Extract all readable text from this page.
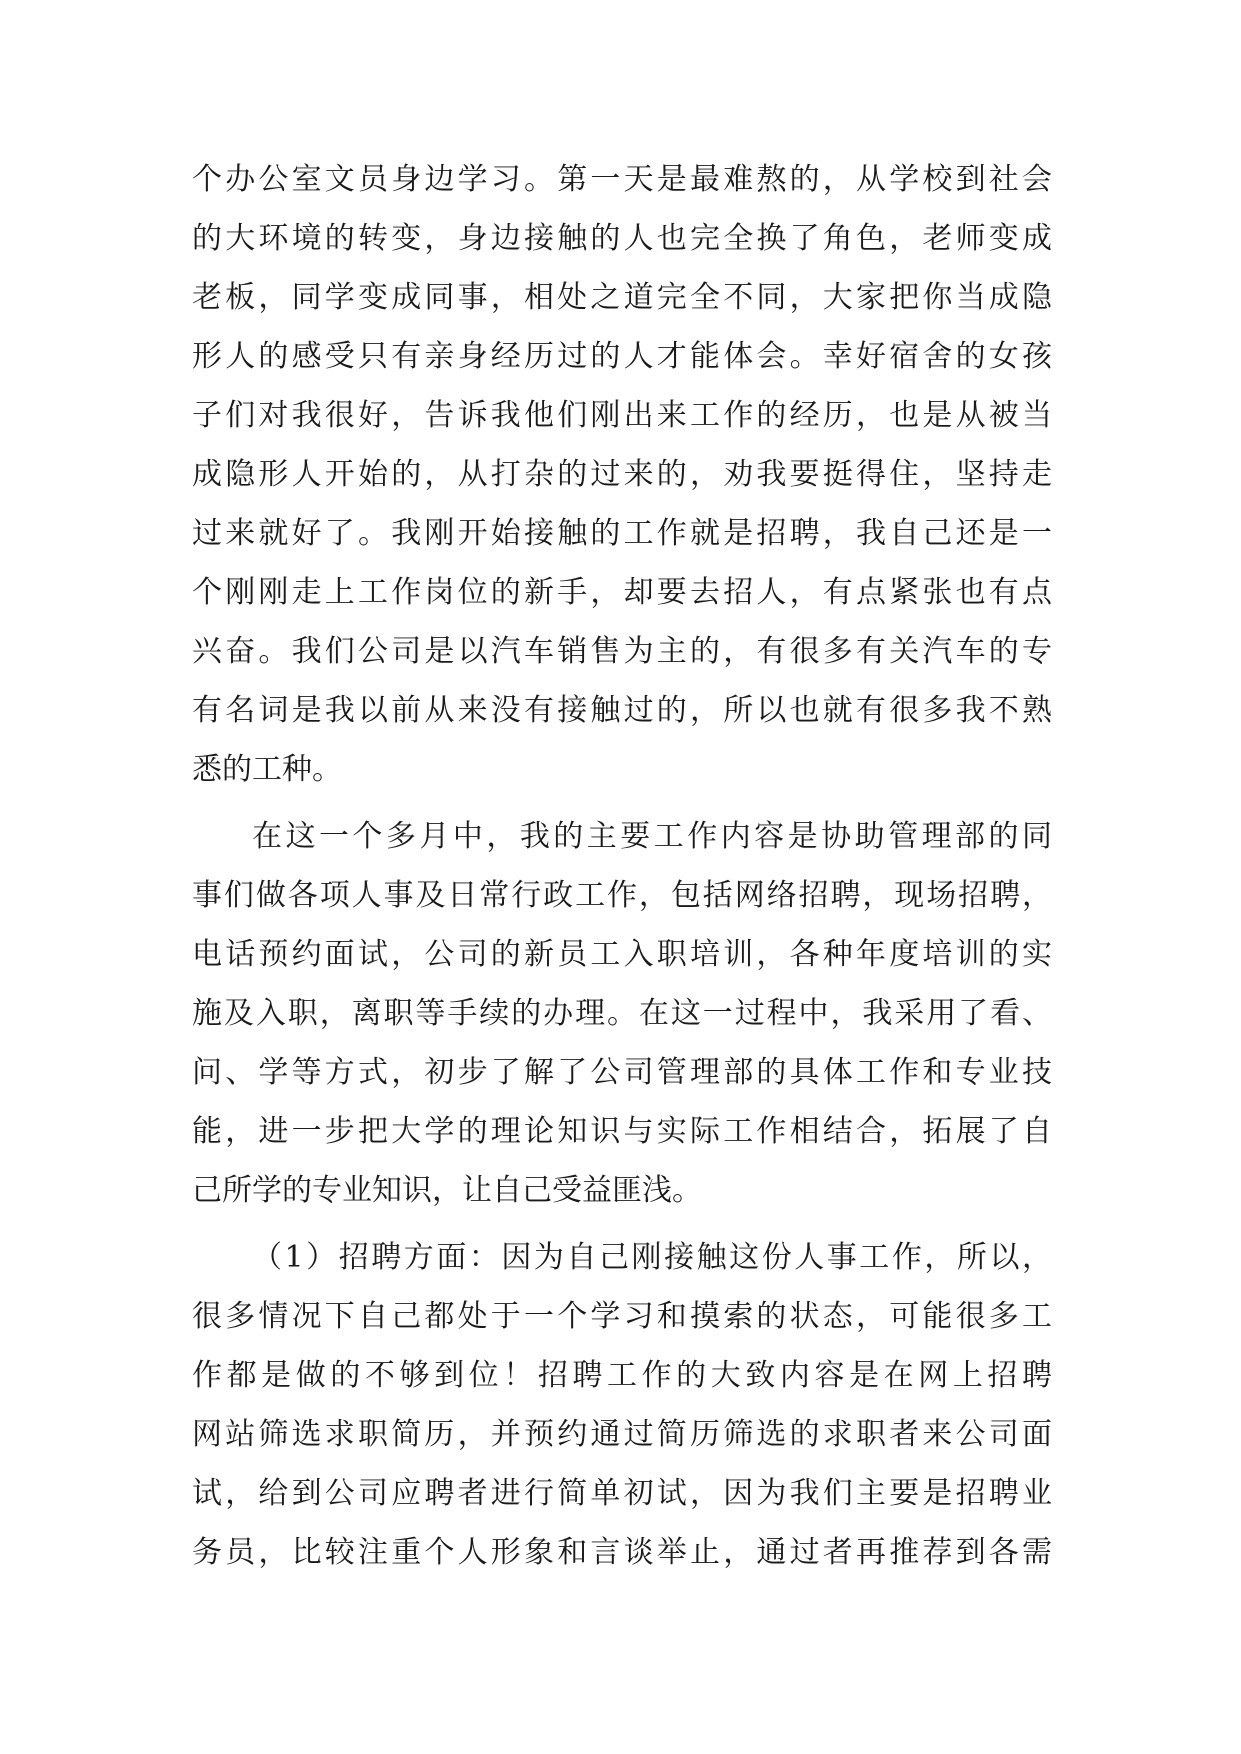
个办公室文员身边学习。第一天是最难熬的，从学校到社会
的大环境的转变，身边接触的人也完全换了角色，老师变成
老板，同学变成同事，相处之道完全不同，大家把你当成隐
形人的感受只有亲身经历过的人才能体会。幸好宿舍的女孩
子们对我很好，告诉我他们刚出来工作的经历，也是从被当
成隐形人开始的，从打杂的过来的，劝我要挺得住，坚持走
过来就好了。我刚开始接触的工作就是招聘，我自己还是一
个刚刚走上工作岗位的新手，却要去招人，有点紧张也有点
兴奋。我们公司是以汽车销售为主的，有很多有关汽车的专
有名词是我以前从来没有接触过的，所以也就有很多我不熟
悉的工种。
在这一个多月中，我的主要工作内容是协助管理部的同
事们做各项人事及日常行政工作，包括网络招聘，现场招聘，
电话预约面试，公司的新员工入职培训，各种年度培训的实
施及入职，离职等手续的办理。在这一过程中，我采用了看、
问、学等方式，初步了解了公司管理部的具体工作和专业技
能，进一步把大学的理论知识与实际工作相结合，拓展了自
己所学的专业知识，让自己受益匪浅。
（1）招聘方面：因为自己刚接触这份人事工作，所以，
很多情况下自己都处于一个学习和摸索的状态，可能很多工
作都是做的不够到位！招聘工作的大致内容是在网上招聘
网站筛选求职简历，并预约通过简历筛选的求职者来公司面
试，给到公司应聘者进行简单初试，因为我们主要是招聘业
务员，比较注重个人形象和言谈举止，通过者再推荐到各需
